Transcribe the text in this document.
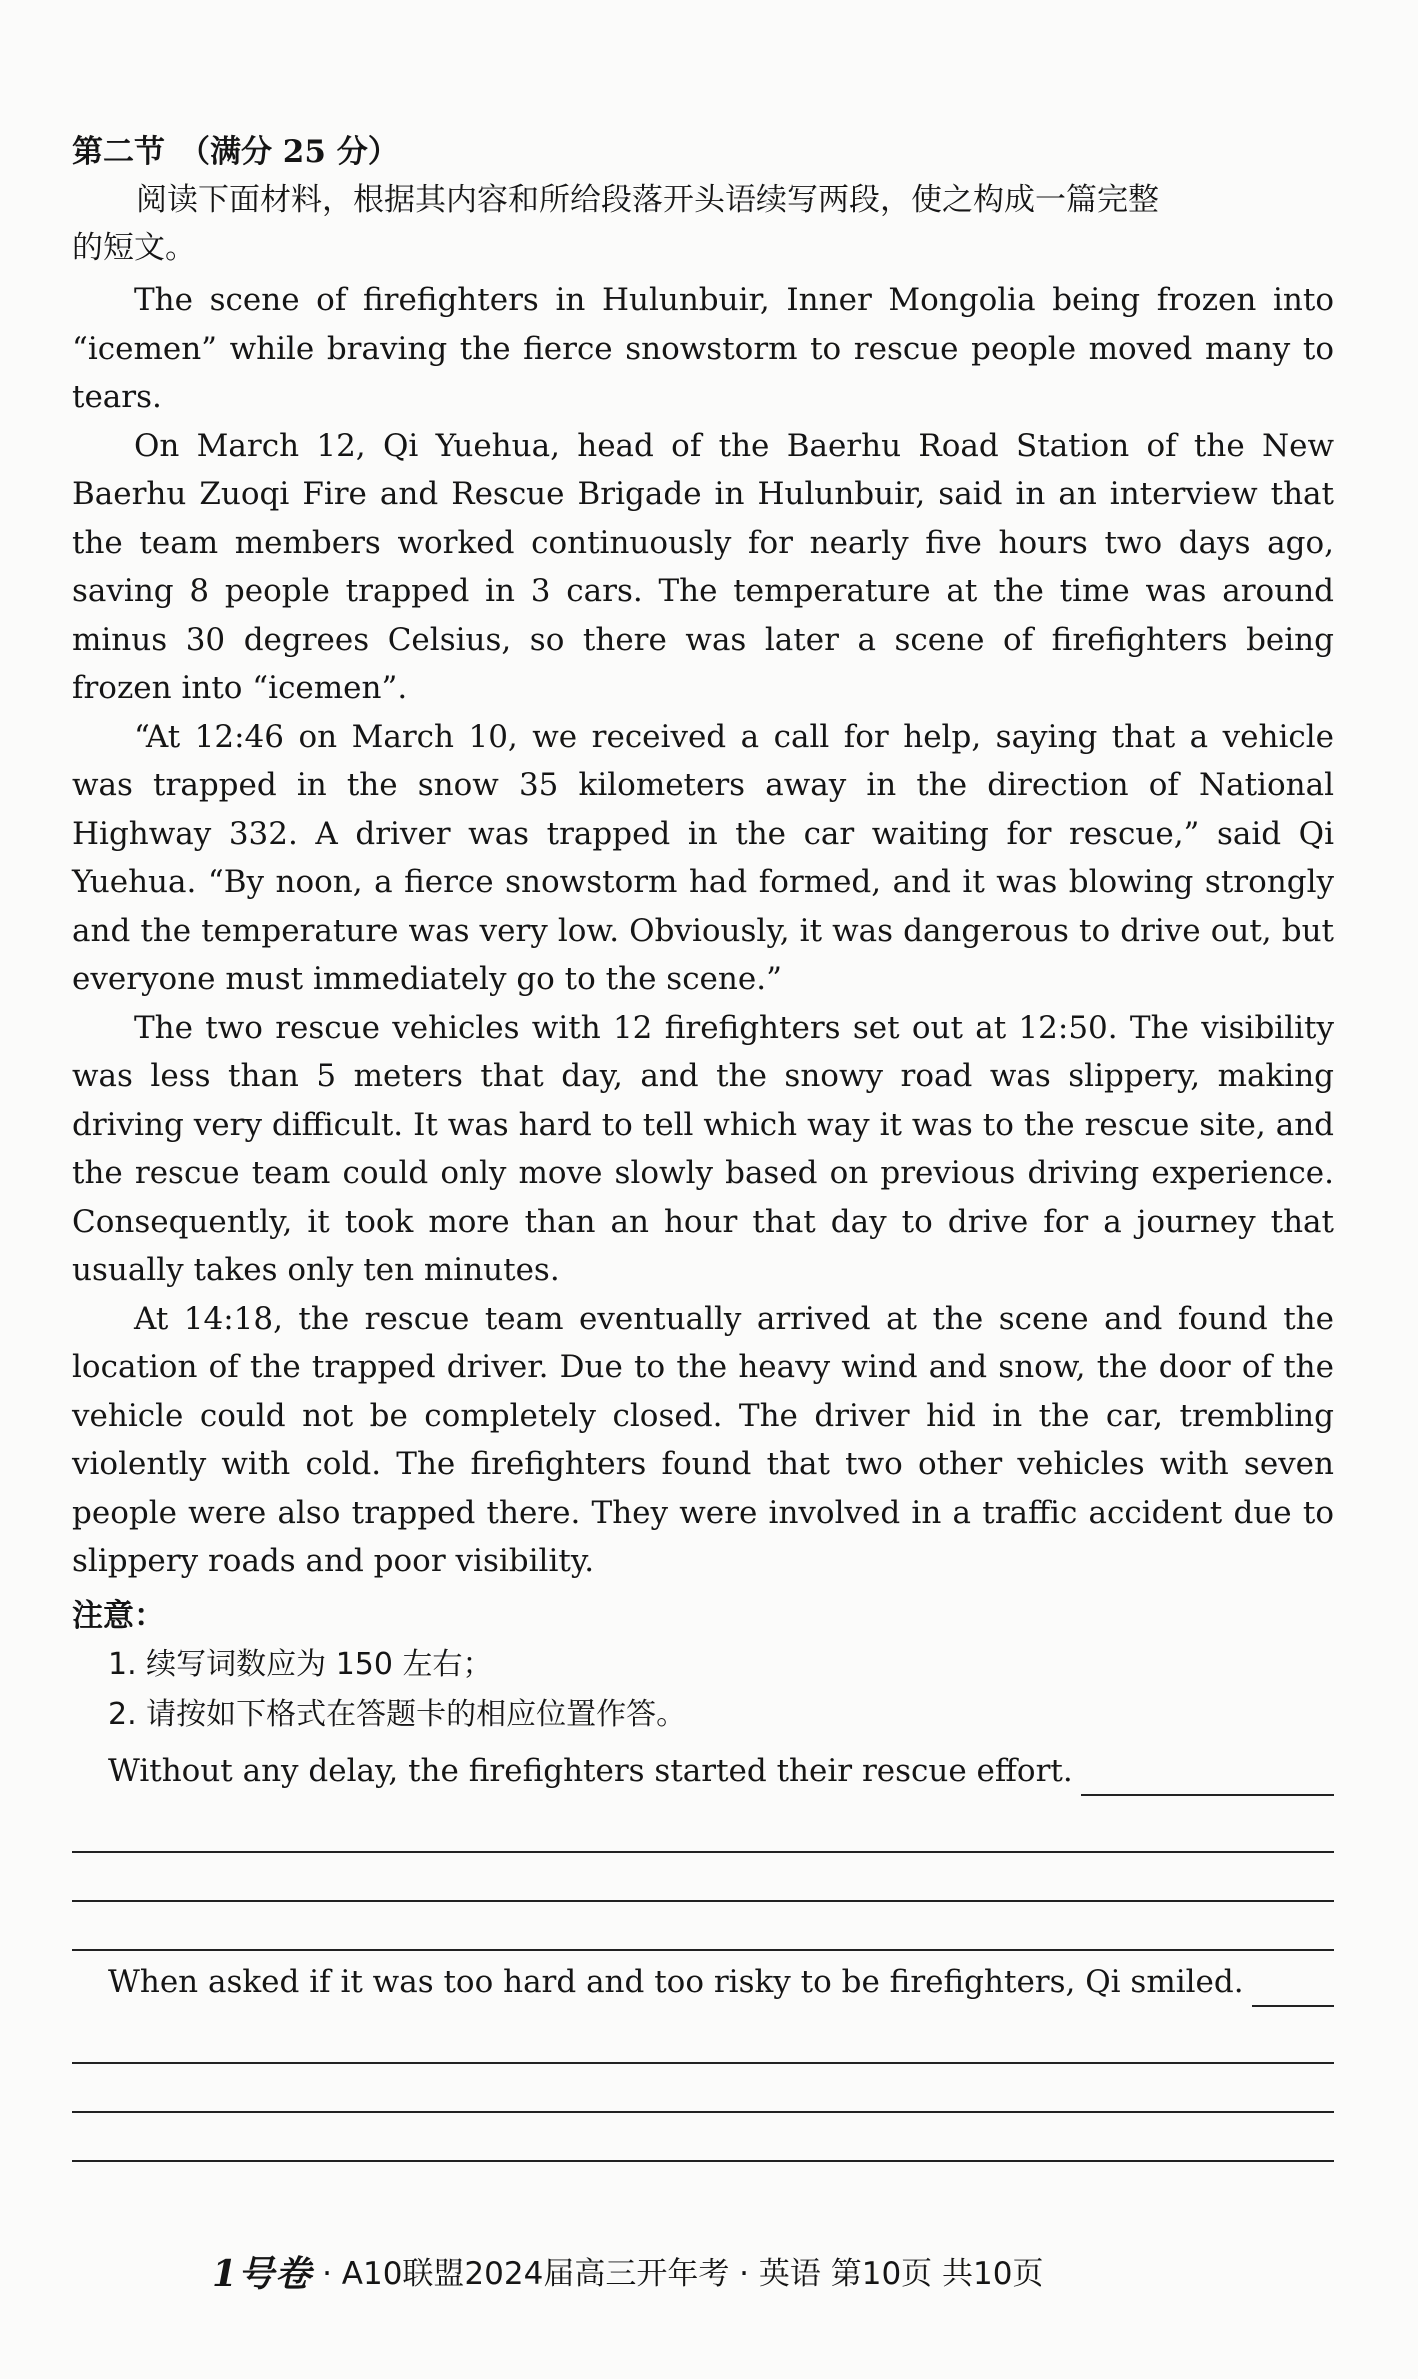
第二节 （满分 25 分）
阅读下面材料，根据其内容和所给段落开头语续写两段，使之构成一篇完整
的短文。

The scene of firefighters in Hulunbuir, Inner Mongolia being frozen into “icemen” while braving the fierce snowstorm to rescue people moved many to tears.

On March 12, Qi Yuehua, head of the Baerhu Road Station of the New Baerhu Zuoqi Fire and Rescue Brigade in Hulunbuir, said in an interview that the team members worked continuously for nearly five hours two days ago, saving 8 people trapped in 3 cars. The temperature at the time was around minus 30 degrees Celsius, so there was later a scene of firefighters being frozen into “icemen”.

“At 12:46 on March 10, we received a call for help, saying that a vehicle was trapped in the snow 35 kilometers away in the direction of National Highway 332. A driver was trapped in the car waiting for rescue,” said Qi Yuehua. “By noon, a fierce snowstorm had formed, and it was blowing strongly and the temperature was very low. Obviously, it was dangerous to drive out, but everyone must immediately go to the scene.”

The two rescue vehicles with 12 firefighters set out at 12:50. The visibility was less than 5 meters that day, and the snowy road was slippery, making driving very difficult. It was hard to tell which way it was to the rescue site, and the rescue team could only move slowly based on previous driving experience. Consequently, it took more than an hour that day to drive for a journey that usually takes only ten minutes.

At 14:18, the rescue team eventually arrived at the scene and found the location of the trapped driver. Due to the heavy wind and snow, the door of the vehicle could not be completely closed. The driver hid in the car, trembling violently with cold. The firefighters found that two other vehicles with seven people were also trapped there. They were involved in a traffic accident due to slippery roads and poor visibility.

注意：

1. 续写词数应为 150 左右；

2. 请按如下格式在答题卡的相应位置作答。

Without any delay, the firefighters started their rescue effort.
When asked if it was too hard and too risky to be firefighters, Qi smiled.

1号卷 · A10联盟2024届高三开年考 · 英语 第10页 共10页
